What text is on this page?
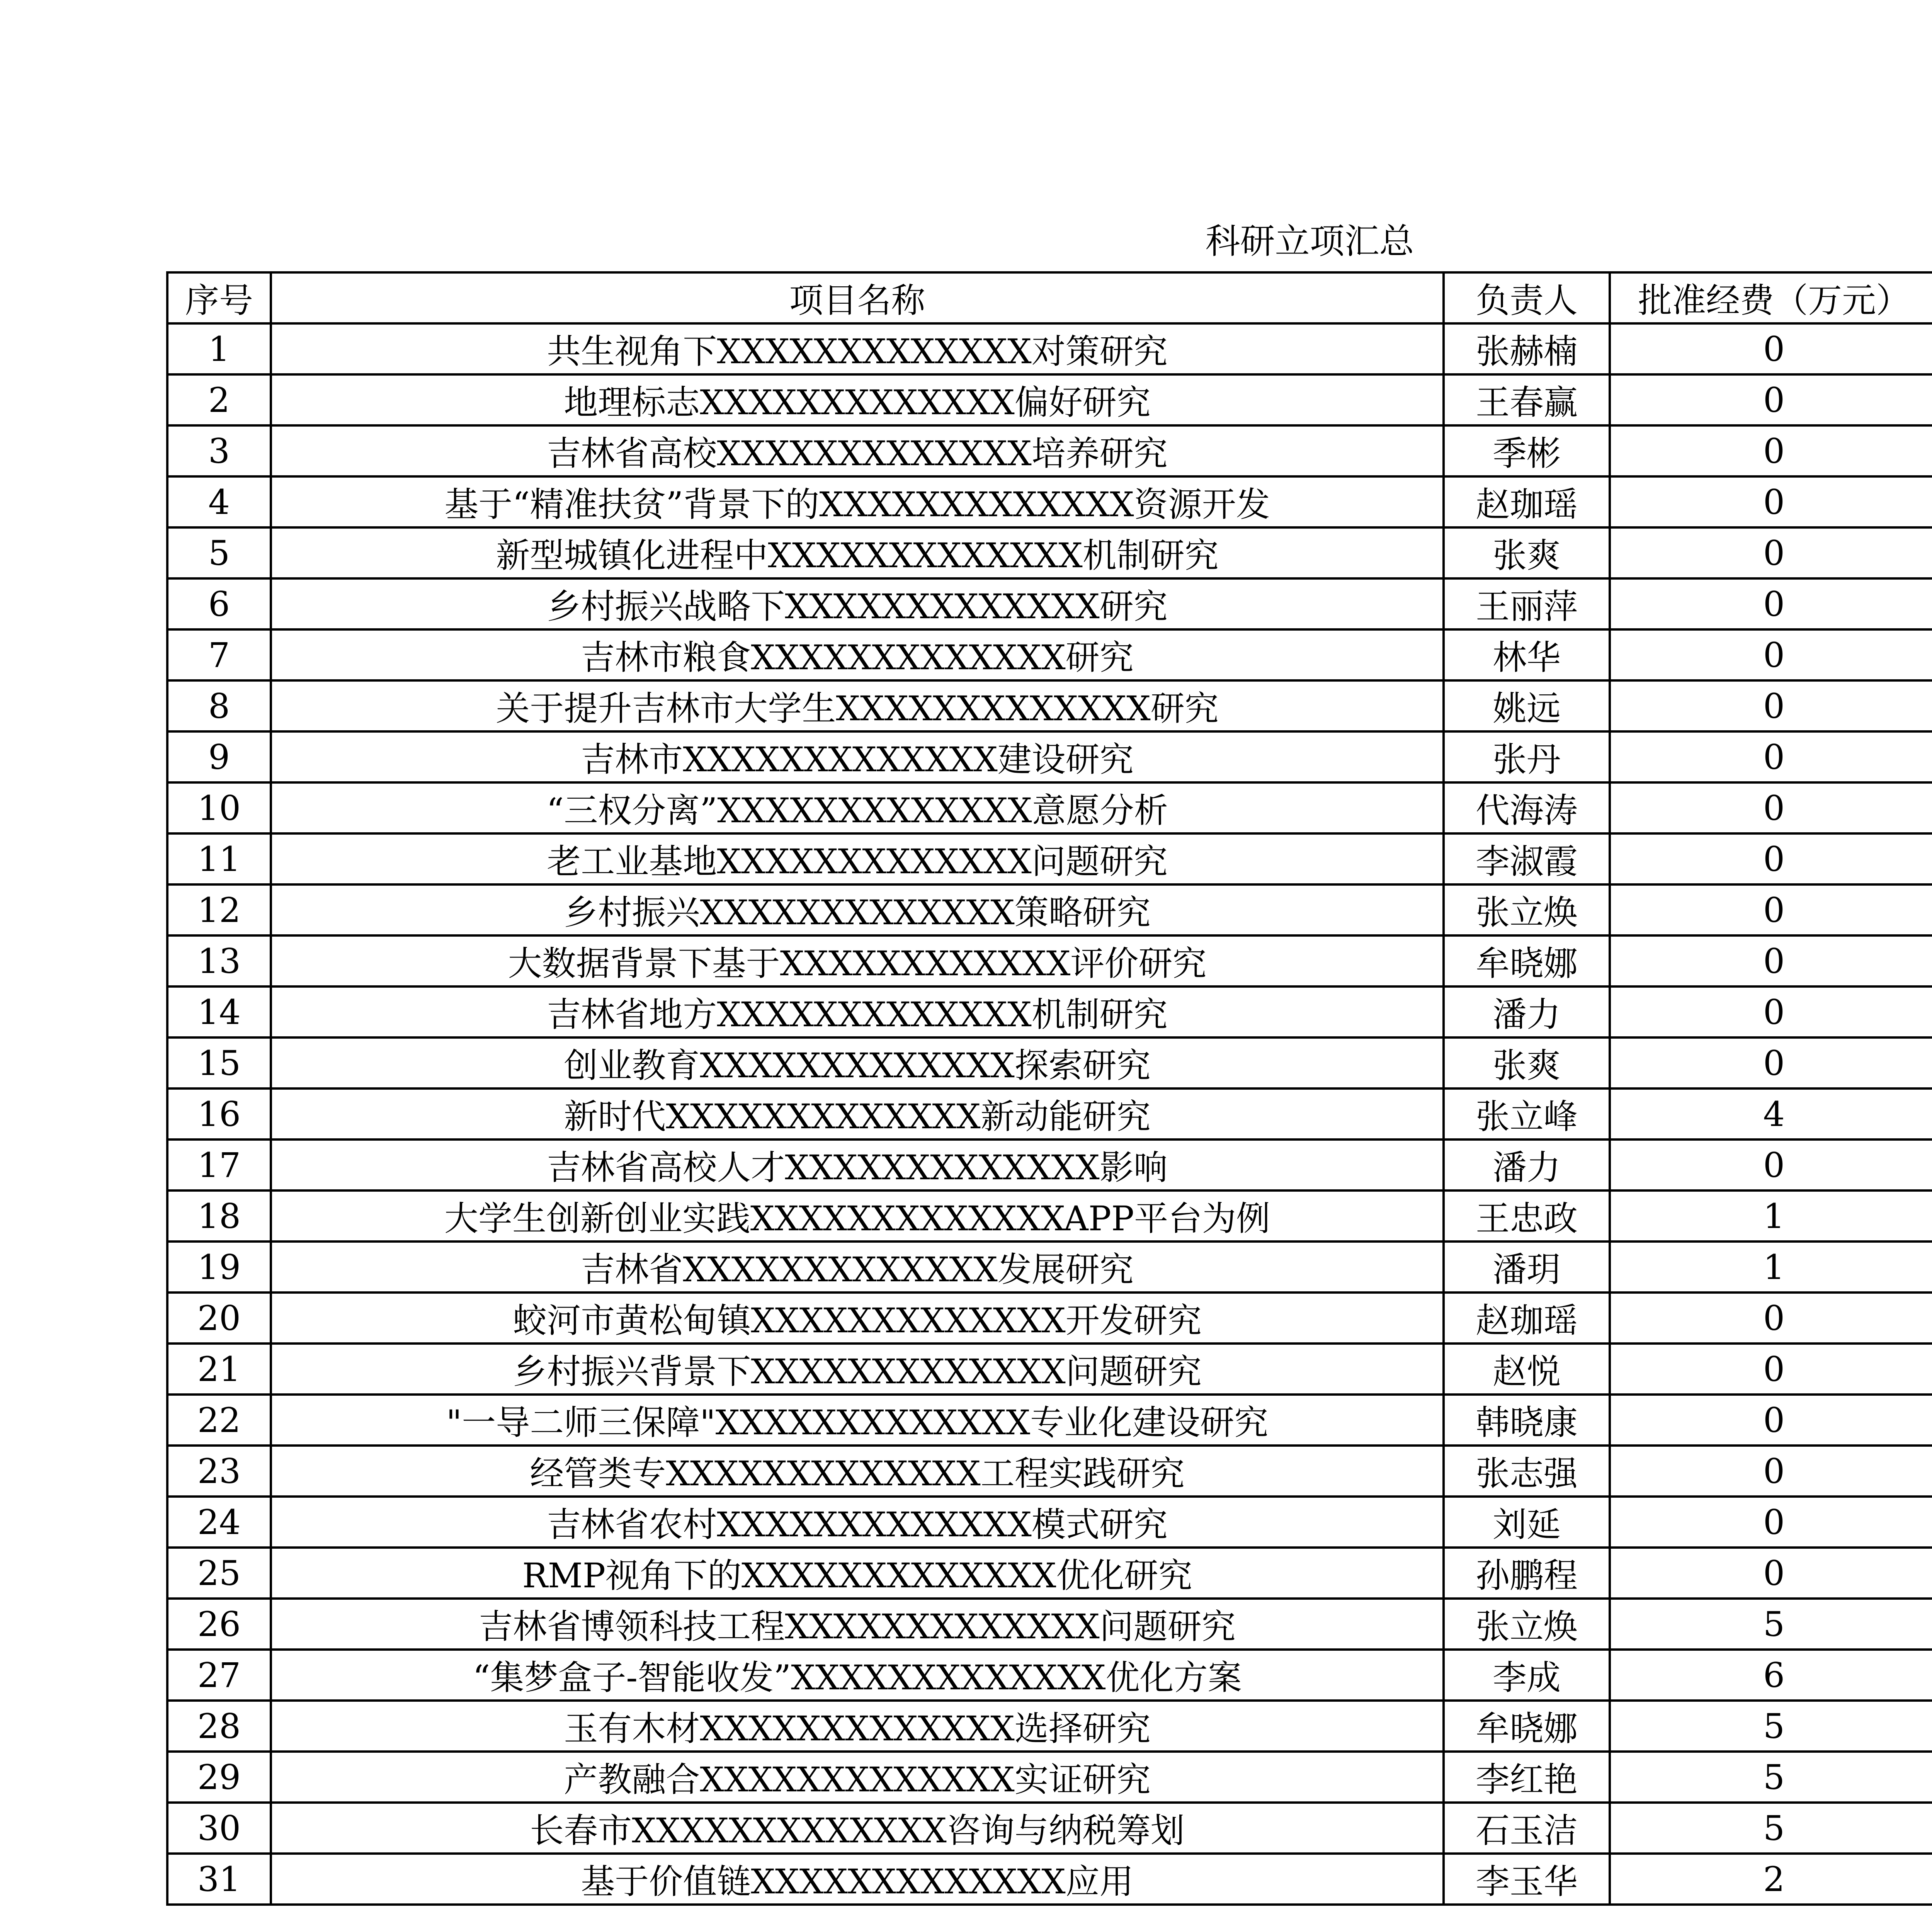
科研立项汇总
序号	项目名称	负责人	批准经费（万元）	
1	共生视角下XXXXXXXXXXXXX对策研究	张赫楠	0	
2	地理标志XXXXXXXXXXXXX偏好研究	王春赢	0	
3	吉林省高校XXXXXXXXXXXXX培养研究	季彬	0	
4	基于“精准扶贫”背景下的XXXXXXXXXXXXX资源开发	赵珈瑶	0	
5	新型城镇化进程中XXXXXXXXXXXXX机制研究	张爽	0	
6	乡村振兴战略下XXXXXXXXXXXXX研究	王丽萍	0	
7	吉林市粮食XXXXXXXXXXXXX研究	林华	0	
8	关于提升吉林市大学生XXXXXXXXXXXXX研究	姚远	0	
9	吉林市XXXXXXXXXXXXX建设研究	张丹	0	
10	“三权分离”XXXXXXXXXXXXX意愿分析	代海涛	0	
11	老工业基地XXXXXXXXXXXXX问题研究	李淑霞	0	
12	乡村振兴XXXXXXXXXXXXX策略研究	张立焕	0	
13	大数据背景下基于XXXXXXXXXXXX评价研究	牟晓娜	0	
14	吉林省地方XXXXXXXXXXXXX机制研究	潘力	0	
15	创业教育XXXXXXXXXXXXX探索研究	张爽	0	
16	新时代XXXXXXXXXXXXX新动能研究	张立峰	4	
17	吉林省高校人才XXXXXXXXXXXXX影响	潘力	0	
18	大学生创新创业实践XXXXXXXXXXXXXAPP平台为例	王忠政	1	
19	吉林省XXXXXXXXXXXXX发展研究	潘玥	1	
20	蛟河市黄松甸镇XXXXXXXXXXXXX开发研究	赵珈瑶	0	
21	乡村振兴背景下XXXXXXXXXXXXX问题研究	赵悦	0	
22	"一导二师三保障"XXXXXXXXXXXXX专业化建设研究	韩晓康	0	
23	经管类专XXXXXXXXXXXXX工程实践研究	张志强	0	
24	吉林省农村XXXXXXXXXXXXX模式研究	刘延	0	
25	RMP视角下的XXXXXXXXXXXXX优化研究	孙鹏程	0	
26	吉林省博领科技工程XXXXXXXXXXXXX问题研究	张立焕	5	
27	“集梦盒子-智能收发”XXXXXXXXXXXXX优化方案	李成	6	
28	玉有木材XXXXXXXXXXXXX选择研究	牟晓娜	5	
29	产教融合XXXXXXXXXXXXX实证研究	李红艳	5	
30	长春市XXXXXXXXXXXXX咨询与纳税筹划	石玉洁	5	
31	基于价值链XXXXXXXXXXXXX应用	李玉华	2	
